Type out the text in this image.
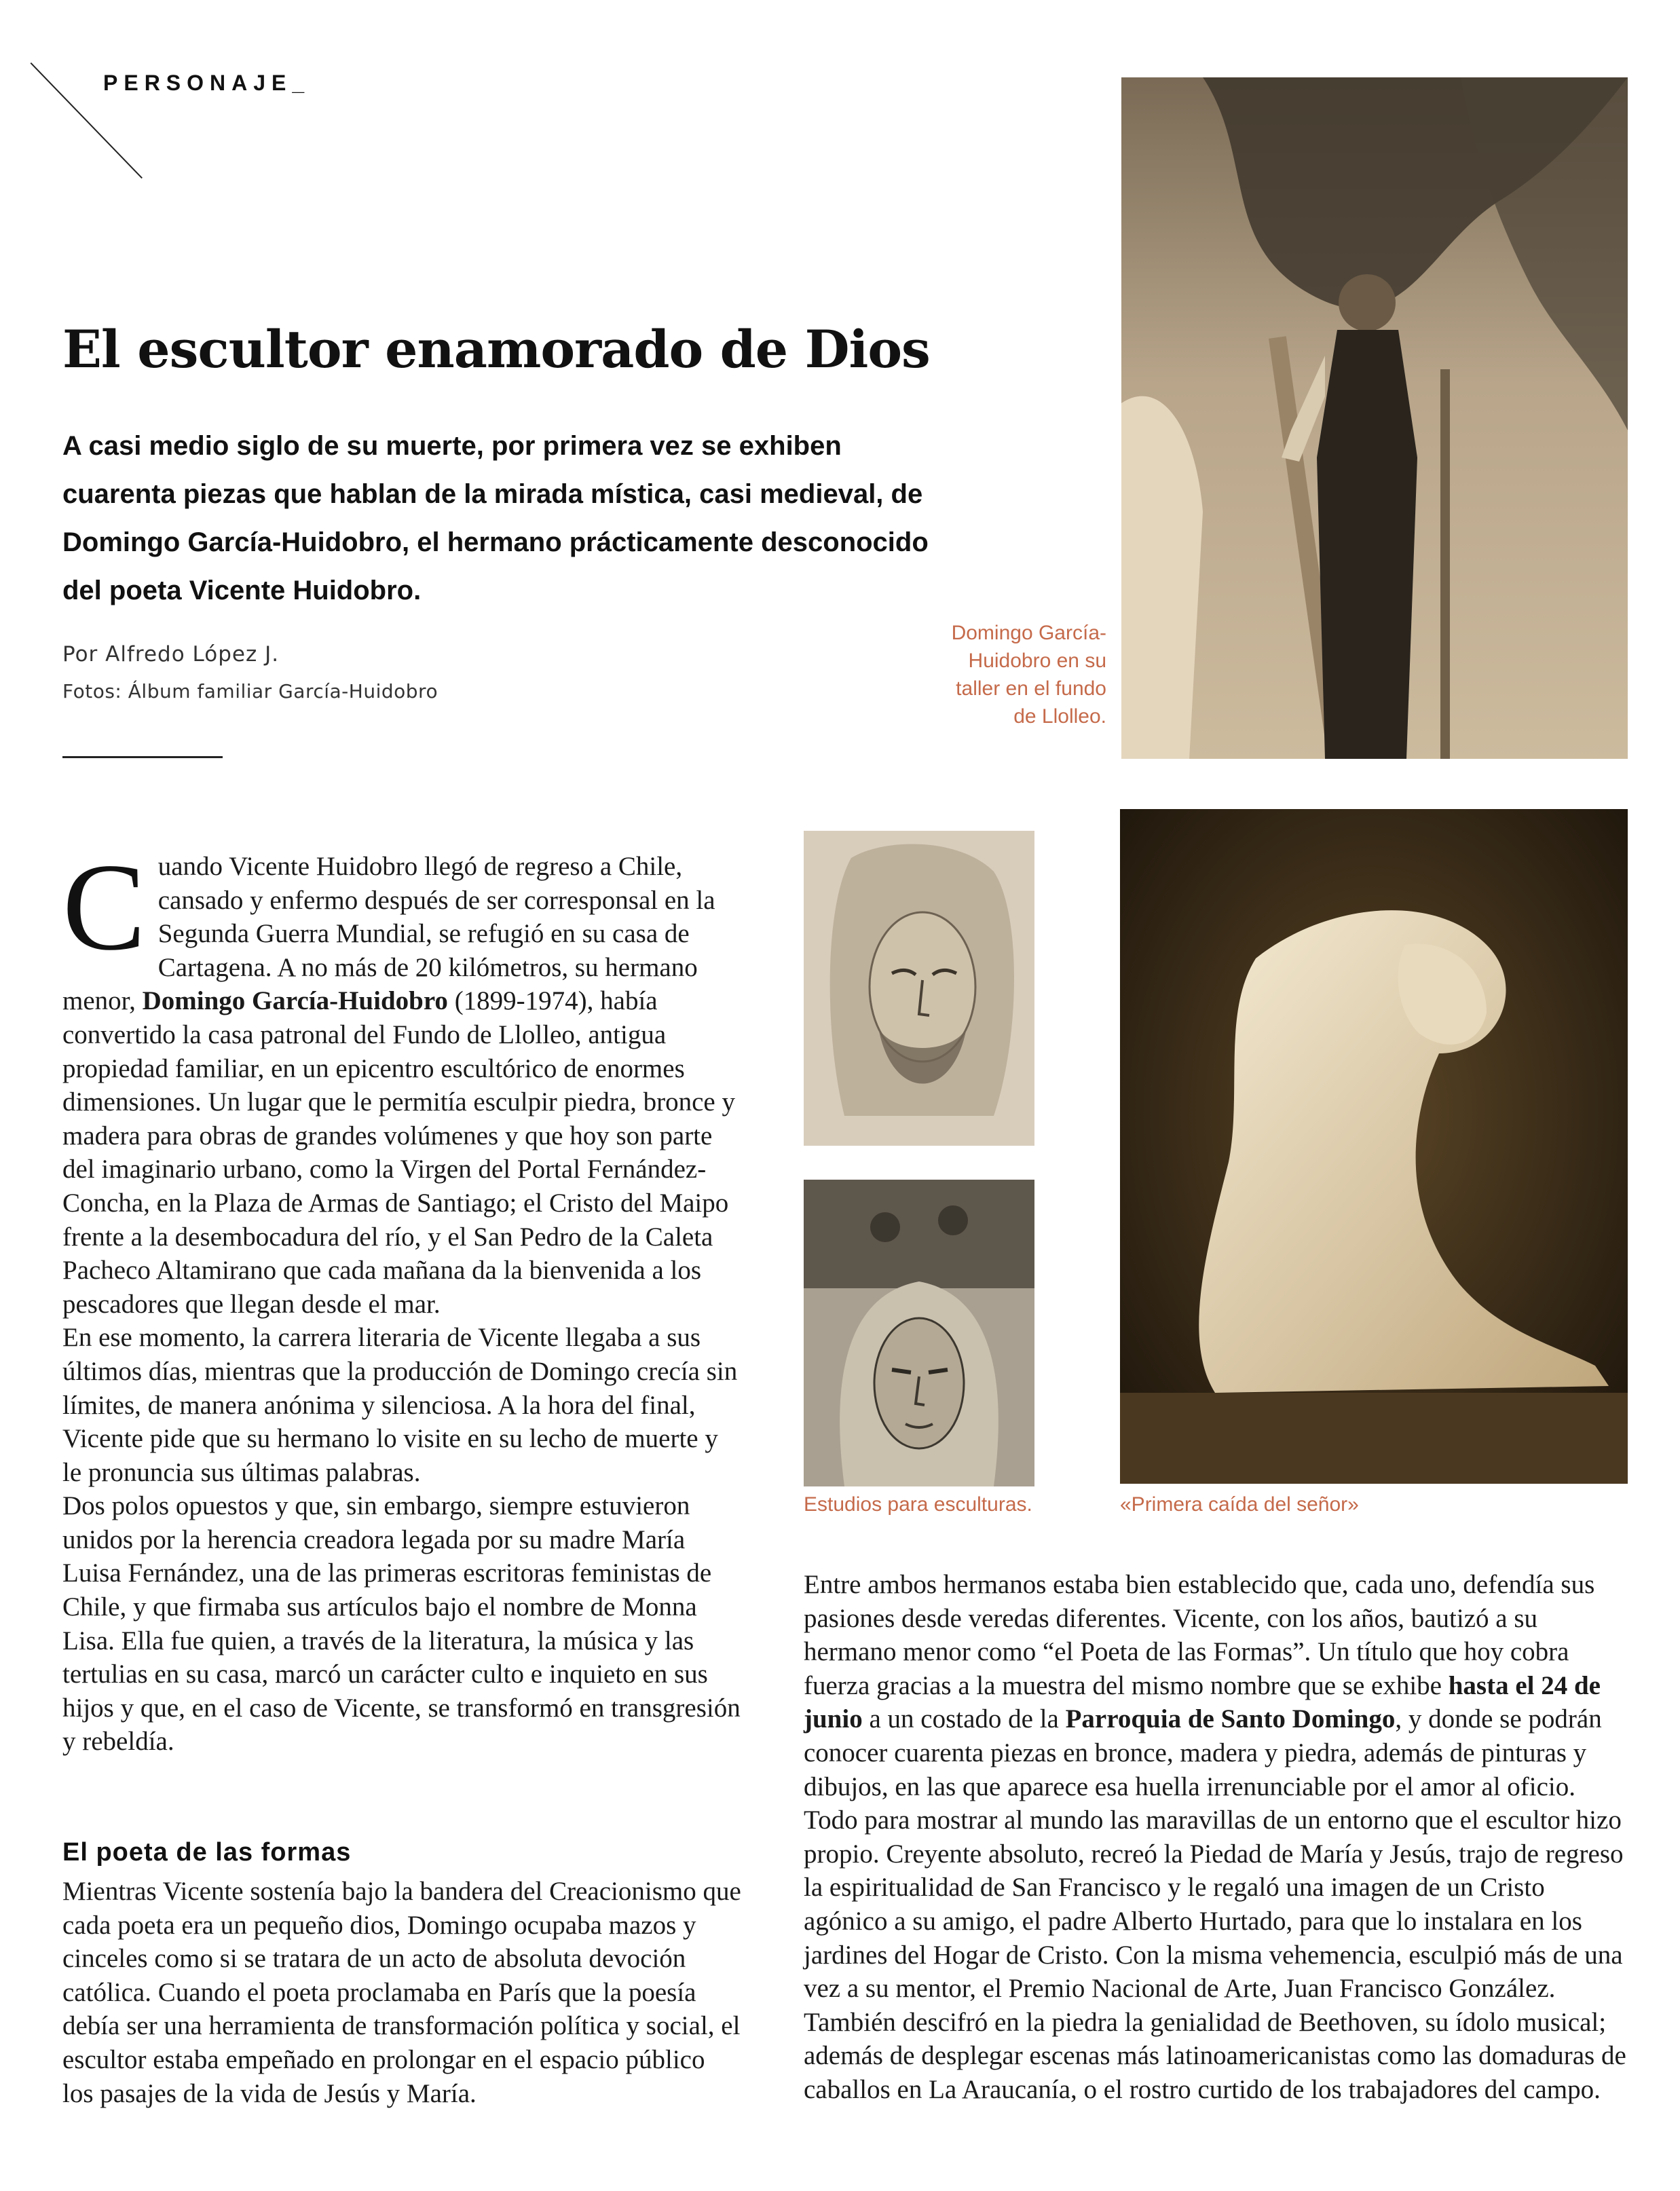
PERSONAJE_
El escultor enamorado de Dios
A casi medio siglo de su muerte, por primera vez se exhiben cuarenta piezas que hablan de la mirada mística, casi medieval, de Domingo García-Huidobro, el hermano prácticamente desconocido del poeta Vicente Huidobro.
Por Alfredo López J.
Fotos: Álbum familiar García-Huidobro
Domingo García-Huidobro en su taller en el fundo de Llolleo.
Estudios para esculturas.	«Primera caída del señor»

Cuando Vicente Huidobro llegó de regreso a Chile, cansado y enfermo después de ser corresponsal en la Segunda Guerra Mundial, se refugió en su casa de Cartagena. A no más de 20 kilómetros, su hermano menor, Domingo García-Huidobro (1899-1974), había convertido la casa patronal del Fundo de Llolleo, antigua propiedad familiar, en un epicentro escultórico de enormes dimensiones. Un lugar que le permitía esculpir piedra, bronce y madera para obras de grandes volúmenes y que hoy son parte del imaginario urbano, como la Virgen del Portal Fernández-Concha, en la Plaza de Armas de Santiago; el Cristo del Maipo frente a la desembocadura del río, y el San Pedro de la Caleta Pacheco Altamirano que cada mañana da la bienvenida a los pescadores que llegan desde el mar.

En ese momento, la carrera literaria de Vicente llegaba a sus últimos días, mientras que la producción de Domingo crecía sin límites, de manera anónima y silenciosa. A la hora del final, Vicente pide que su hermano lo visite en su lecho de muerte y le pronuncia sus últimas palabras.

Dos polos opuestos y que, sin embargo, siempre estuvieron unidos por la herencia creadora legada por su madre María Luisa Fernández, una de las primeras escritoras feministas de Chile, y que firmaba sus artículos bajo el nombre de Monna Lisa. Ella fue quien, a través de la literatura, la música y las tertulias en su casa, marcó un carácter culto e inquieto en sus hijos y que, en el caso de Vicente, se transformó en transgresión y rebeldía.

El poeta de las formas
Mientras Vicente sostenía bajo la bandera del Creacionismo que cada poeta era un pequeño dios, Domingo ocupaba mazos y cinceles como si se tratara de un acto de absoluta devoción católica. Cuando el poeta proclamaba en París que la poesía debía ser una herramienta de transformación política y social, el escultor estaba empeñado en prolongar en el espacio público los pasajes de la vida de Jesús y María.
Entre ambos hermanos estaba bien establecido que, cada uno, defendía sus pasiones desde veredas diferentes. Vicente, con los años, bautizó a su hermano menor como “el Poeta de las Formas”. Un título que hoy cobra fuerza gracias a la muestra del mismo nombre que se exhibe hasta el 24 de junio a un costado de la Parroquia de Santo Domingo, y donde se podrán conocer cuarenta piezas en bronce, madera y piedra, además de pinturas y dibujos, en las que aparece esa huella irrenunciable por el amor al oficio. Todo para mostrar al mundo las maravillas de un entorno que el escultor hizo propio. Creyente absoluto, recreó la Piedad de María y Jesús, trajo de regreso la espiritualidad de San Francisco y le regaló una imagen de un Cristo agónico a su amigo, el padre Alberto Hurtado, para que lo instalara en los jardines del Hogar de Cristo. Con la misma vehemencia, esculpió más de una vez a su mentor, el Premio Nacional de Arte, Juan Francisco González. También descifró en la piedra la genialidad de Beethoven, su ídolo musical; además de desplegar escenas más latinoamericanistas como las domaduras de caballos en La Araucanía, o el rostro curtido de los trabajadores del campo.
